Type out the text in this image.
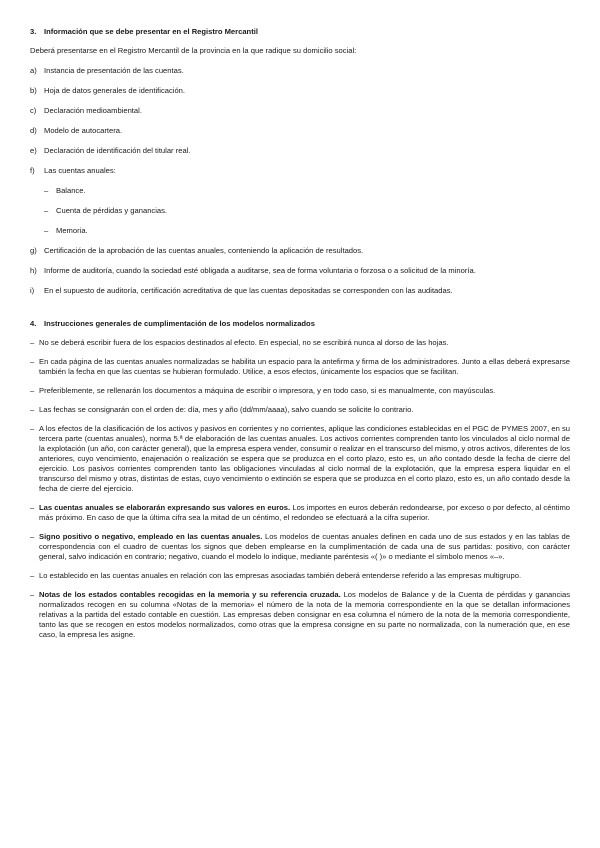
3. Información que se debe presentar en el Registro Mercantil
Deberá presentarse en el Registro Mercantil de la provincia en la que radique su domicilio social:
a) Instancia de presentación de las cuentas.
b) Hoja de datos generales de identificación.
c)	Declaración medioambiental.
d) Modelo de autocartera.
e) Declaración de identificación del titular real.
f)	Las cuentas anuales:
–	Balance.
–	Cuenta de pérdidas y ganancias.
–	Memoria.
g) Certificación de la aprobación de las cuentas anuales, conteniendo la aplicación de resultados.
h) Informe de auditoría, cuando la sociedad esté obligada a auditarse, sea de forma voluntaria o forzosa o a solicitud de la minoría.
i)	En el supuesto de auditoría, certificación acreditativa de que las cuentas depositadas se corresponden con las auditadas.
4. Instrucciones generales de cumplimentación de los modelos normalizados
– No se deberá escribir fuera de los espacios destinados al efecto. En especial, no se escribirá nunca al dorso de las hojas.
– En cada página de las cuentas anuales normalizadas se habilita un espacio para la antefirma y firma de los administradores. Junto a ellas deberá expresarse también la fecha en que las cuentas se hubieran formulado. Utilice, a esos efectos, únicamente los espacios que se facilitan.
– Preferiblemente, se rellenarán los documentos a máquina de escribir o impresora, y en todo caso, si es manualmente, con mayúsculas.
– Las fechas se consignarán con el orden de: día, mes y año (dd/mm/aaaa), salvo cuando se solicite lo contrario.
– A los efectos de la clasificación de los activos y pasivos en corrientes y no corrientes, aplique las condiciones establecidas en el PGC de PYMES 2007, en su tercera parte (cuentas anuales), norma 5.ª de elaboración de las cuentas anuales. Los activos corrientes comprenden tanto los vinculados al ciclo normal de la explotación (un año, con carácter general), que la empresa espera vender, consumir o realizar en el transcurso del mismo, y otros activos, diferentes de los anteriores, cuyo vencimiento, enajenación o realización se espera que se produzca en el corto plazo, esto es, un año contado desde la fecha de cierre del ejercicio. Los pasivos corrientes comprenden tanto las obligaciones vinculadas al ciclo normal de la explotación, que la empresa espera liquidar en el transcurso del mismo y otras, distintas de estas, cuyo vencimiento o extinción se espera que se produzca en el corto plazo, esto es, un año contado desde la fecha de cierre del ejercicio.
– Las cuentas anuales se elaborarán expresando sus valores en euros. Los importes en euros deberán redondearse, por exceso o por defecto, al céntimo más próximo. En caso de que la última cifra sea la mitad de un céntimo, el redondeo se efectuará a la cifra superior.
– Signo positivo o negativo, empleado en las cuentas anuales. Los modelos de cuentas anuales definen en cada uno de sus estados y en las tablas de correspondencia con el cuadro de cuentas los signos que deben emplearse en la cumplimentación de cada una de sus partidas: positivo, con carácter general, salvo indicación en contrario; negativo, cuando el modelo lo indique, mediante paréntesis «( )» o mediante el símbolo menos «–».
– Lo establecido en las cuentas anuales en relación con las empresas asociadas también deberá entenderse referido a las empresas multigrupo.
– Notas de los estados contables recogidas en la memoria y su referencia cruzada. Los modelos de Balance y de la Cuenta de pérdidas y ganancias normalizados recogen en su columna «Notas de la memoria» el número de la nota de la memoria correspondiente en la que se detallan informaciones relativas a la partida del estado contable en cuestión. Las empresas deben consignar en esa columna el número de la nota de la memoria correspondiente, tanto las que se recogen en estos modelos normalizados, como otras que la empresa consigne en su parte no normalizada, con la numeración que, en ese caso, la empresa les asigne.
